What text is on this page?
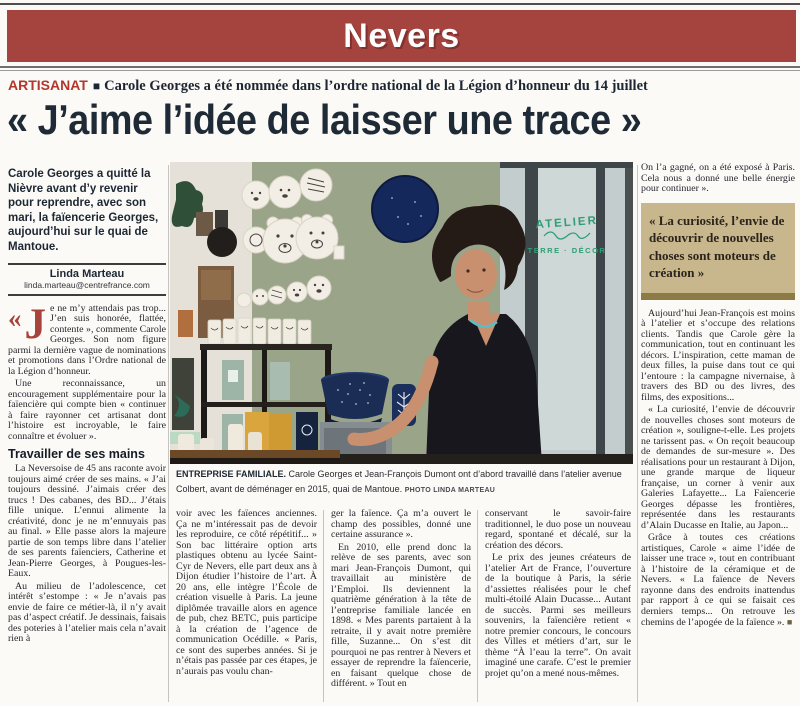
Nevers
ARTISANAT ■ Carole Georges a été nommée dans l’ordre national de la Légion d’honneur du 14 juillet
« J’aime l’idée de laisser une trace »

Carole Georges a quitté la Nièvre avant d’y revenir pour reprendre, avec son mari, la faïencerie Georges, aujourd’hui sur le quai de Mantoue.

Linda Marteau
linda.marteau@centrefrance.com

« J e ne m’y attendais pas trop... J’en suis honorée, flattée, contente », commente Carole Georges. Son nom figure parmi la dernière vague de nominations et promotions dans l’Ordre national de la Légion d’honneur.

Une reconnaissance, un encouragement supplémentaire pour la faïencière qui compte bien « continuer à faire rayonner cet artisanat dont l’histoire est incroyable, le faire connaître et évoluer ».

Travailler de ses mains

La Neversoise de 45 ans raconte avoir toujours aimé créer de ses mains. « J’ai toujours dessiné. J’aimais créer des trucs ! Des cabanes, des BD... J’étais fille unique. L’ennui alimente la créativité, donc je ne m’ennuyais pas au final. » Elle passe alors la majeure partie de son temps libre dans l’atelier de ses parents faïenciers, Catherine et Jean-Pierre Georges, à Pougues-les-Eaux.

Au milieu de l’adolescence, cet intérêt s’estompe : « Je n’avais pas envie de faire ce métier-là, il n’y avait pas d’aspect créatif. Je dessinais, faisais des poteries à l’atelier mais cela n’avait rien à

ATELIER
TERRE · DÉCOR

ENTREPRISE FAMILIALE. Carole Georges et Jean-François Dumont ont d’abord travaillé dans l’atelier avenue Colbert, avant de déménager en 2015, quai de Mantoue. PHOTO LINDA MARTEAU

voir avec les faïences anciennes. Ça ne m’intéressait pas de devoir les reproduire, ce côté répétitif... » Son bac littéraire option arts plastiques obtenu au lycée Saint-Cyr de Nevers, elle part deux ans à Dijon étudier l’histoire de l’art. À 20 ans, elle intègre l’École de création visuelle à Paris. La jeune diplômée travaille alors en agence de pub, chez BETC, puis participe à la création de l’agence de communication Océdille. « Paris, ce sont des superbes années. Si je n’étais pas passée par ces étapes, je n’aurais pas voulu chan-

ger la faïence. Ça m’a ouvert le champ des possibles, donné une certaine assurance ».

En 2010, elle prend donc la relève de ses parents, avec son mari Jean-François Dumont, qui travaillait au ministère de l’Emploi. Ils deviennent la quatrième génération à la tête de l’entreprise familiale lancée en 1898. « Mes parents partaient à la retraite, il y avait notre première fille, Suzanne... On s’est dit pourquoi ne pas rentrer à Nevers et essayer de reprendre la faïencerie, en faisant quelque chose de différent. » Tout en

conservant le savoir-faire traditionnel, le duo pose un nouveau regard, spontané et décalé, sur la création des décors.

Le prix des jeunes créateurs de l’atelier Art de France, l’ouverture de la boutique à Paris, la série d’assiettes réalisées pour le chef multi-étoilé Alain Ducasse... Autant de succès. Parmi ses meilleurs souvenirs, la faïencière retient « notre premier concours, le concours des Villes et métiers d’art, sur le thème “À l’eau la terre”. On avait imaginé une carafe. C’est le premier projet qu’on a mené nous-mêmes.

On l’a gagné, on a été exposé à Paris. Cela nous a donné une belle énergie pour continuer ».

« La curiosité, l’envie de découvrir de nouvelles choses sont moteurs de création »

Aujourd’hui Jean-François est moins à l’atelier et s’occupe des relations clients. Tandis que Carole gère la communication, tout en continuant les décors. L’inspiration, cette maman de deux filles, la puise dans tout ce qui l’entoure : la campagne nivernaise, à travers des BD ou des livres, des films, des expositions...

« La curiosité, l’envie de découvrir de nouvelles choses sont moteurs de création », souligne-t-elle. Les projets ne tarissent pas. « On reçoit beaucoup de demandes de sur-mesure ». Des réalisations pour un restaurant à Dijon, une grande marque de liqueur française, un corner à venir aux Galeries Lafayette... La Faïencerie Georges dépasse les frontières, représentée dans les restaurants d’Alain Ducasse en Italie, au Japon...

Grâce à toutes ces créations artistiques, Carole « aime l’idée de laisser une trace », tout en contribuant à l’histoire de la céramique et de Nevers. « La faïence de Nevers rayonne dans des endroits inattendus par rapport à ce qui se faisait ces derniers temps... On retrouve les chemins de l’apogée de la faïence ». ■
